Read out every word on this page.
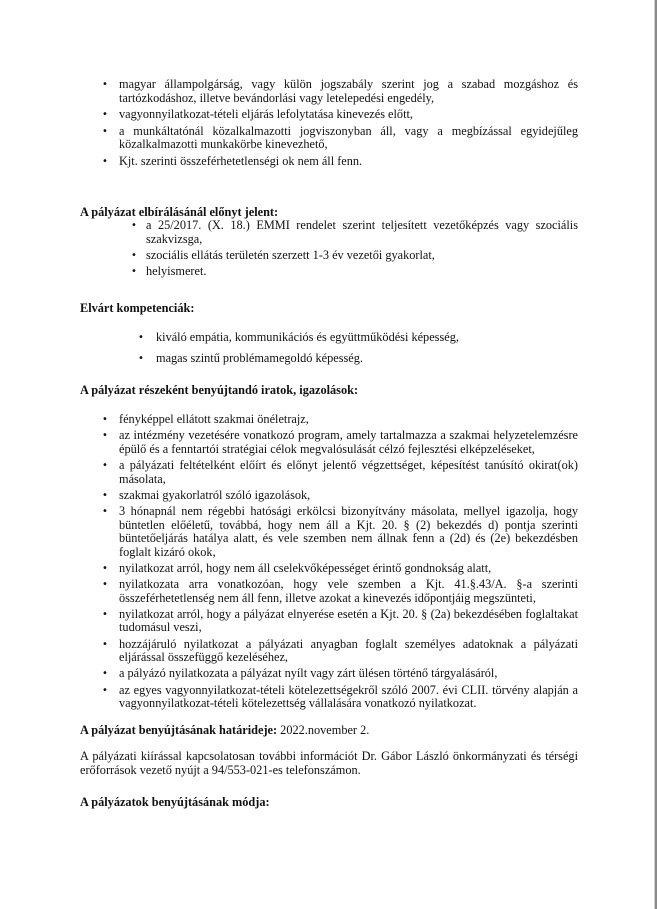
• magyar állampolgárság, vagy külön jogszabály szerint jog a szabad mozgáshoz és tartózkodáshoz, illetve bevándorlási vagy letelepedési engedély,
• vagyonnyilatkozat-tételi eljárás lefolytatása kinevezés előtt,
• a munkáltatónál közalkalmazotti jogviszonyban áll, vagy a megbízással egyidejűleg közalkalmazotti munkakörbe kinevezhető,
• Kjt. szerinti összeférhetetlenségi ok nem áll fenn.
A pályázat elbírálásánál előnyt jelent:
• a 25/2017. (X. 18.) EMMI rendelet szerint teljesített vezetőképzés vagy szociális szakvizsga,
• szociális ellátás területén szerzett 1-3 év vezetői gyakorlat,
• helyismeret.
Elvárt kompetenciák:
• kiváló empátia, kommunikációs és együttműködési képesség,
• magas szintű problémamegoldó képesség.
A pályázat részeként benyújtandó iratok, igazolások:
• fényképpel ellátott szakmai önéletrajz,
• az intézmény vezetésére vonatkozó program, amely tartalmazza a szakmai helyzetelemzésre épülő és a fenntartói stratégiai célok megvalósulását célzó fejlesztési elképzeléseket,
• a pályázati feltételként előírt és előnyt jelentő végzettséget, képesítést tanúsító okirat(ok) másolata,
• szakmai gyakorlatról szóló igazolások,
• 3 hónapnál nem régebbi hatósági erkölcsi bizonyítvány másolata, mellyel igazolja, hogy büntetlen előéletű, továbbá, hogy nem áll a Kjt. 20. § (2) bekezdés d) pontja szerinti büntetőeljárás hatálya alatt, és vele szemben nem állnak fenn a (2d) és (2e) bekezdésben foglalt kizáró okok,
• nyilatkozat arról, hogy nem áll cselekvőképességet érintő gondnokság alatt,
• nyilatkozata arra vonatkozóan, hogy vele szemben a Kjt. 41.§.43/A. §-a szerinti összeférhetetlenség nem áll fenn, illetve azokat a kinevezés időpontjáig megszünteti,
• nyilatkozat arról, hogy a pályázat elnyerése esetén a Kjt. 20. § (2a) bekezdésében foglaltakat tudomásul veszi,
• hozzájáruló nyilatkozat a pályázati anyagban foglalt személyes adatoknak a pályázati eljárással összefüggő kezeléséhez,
• a pályázó nyilatkozata a pályázat nyílt vagy zárt ülésen történő tárgyalásáról,
• az egyes vagyonnyilatkozat-tételi kötelezettségekről szóló 2007. évi CLII. törvény alapján a vagyonnyilatkozat-tételi kötelezettség vállalására vonatkozó nyilatkozat.

A pályázat benyújtásának határideje: 2022.november 2.

A pályázati kiírással kapcsolatosan további információt Dr. Gábor László önkormányzati és térségi erőforrások vezető nyújt a 94/553-021-es telefonszámon.

A pályázatok benyújtásának módja:
